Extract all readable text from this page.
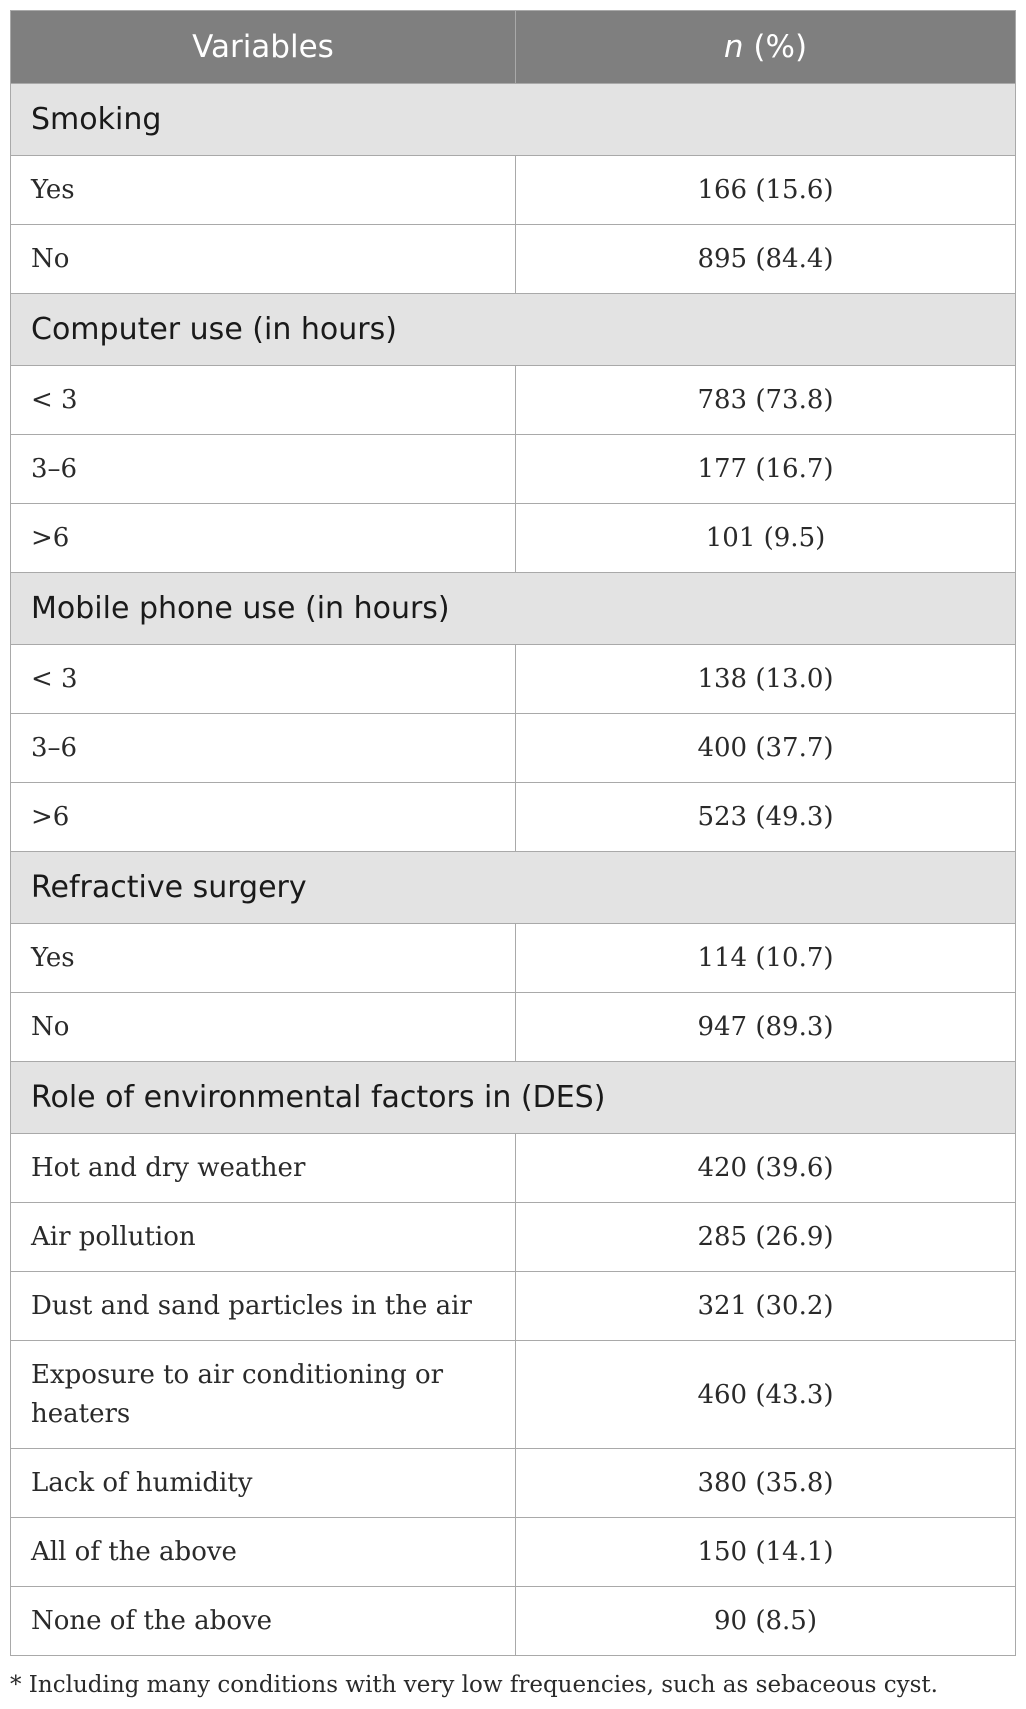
Variables	n (%)
Smoking	
Yes	166 (15.6)
No	895 (84.4)
Computer use (in hours)	
< 3	783 (73.8)
3–6	177 (16.7)
>6	101 (9.5)
Mobile phone use (in hours)	
< 3	138 (13.0)
3–6	400 (37.7)
>6	523 (49.3)
Refractive surgery	
Yes	114 (10.7)
No	947 (89.3)
Role of environmental factors in (DES)	
Hot and dry weather	420 (39.6)
Air pollution	285 (26.9)
Dust and sand particles in the air	321 (30.2)
Exposure to air conditioning or heaters	460 (43.3)
Lack of humidity	380 (35.8)
All of the above	150 (14.1)
None of the above	90 (8.5)
* Including many conditions with very low frequencies, such as sebaceous cyst.
